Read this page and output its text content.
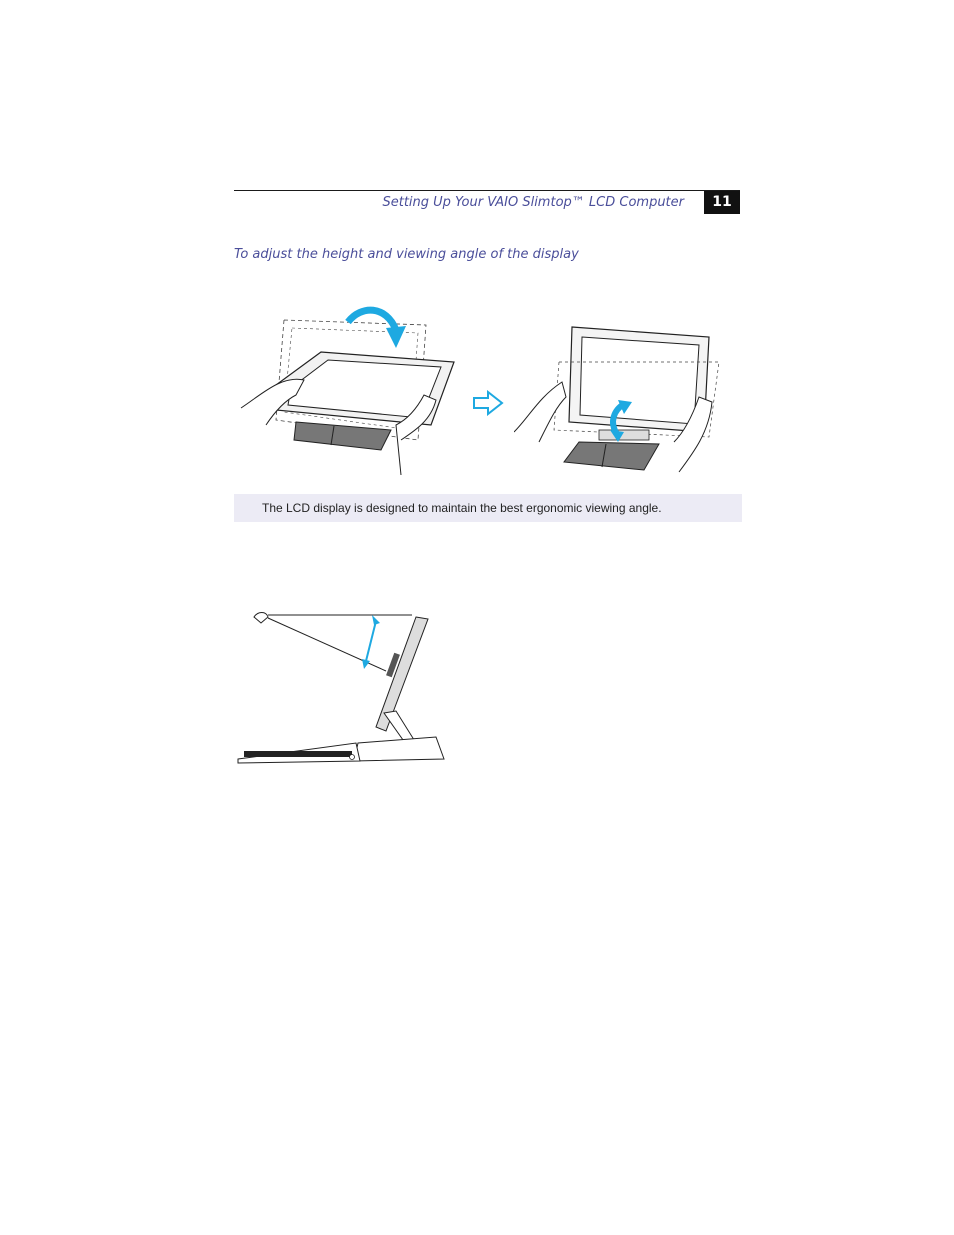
Setting Up Your VAIO Slimtop™ LCD Computer	11
To adjust the height and viewing angle of the display
The LCD display is designed to maintain the best ergonomic viewing angle.
